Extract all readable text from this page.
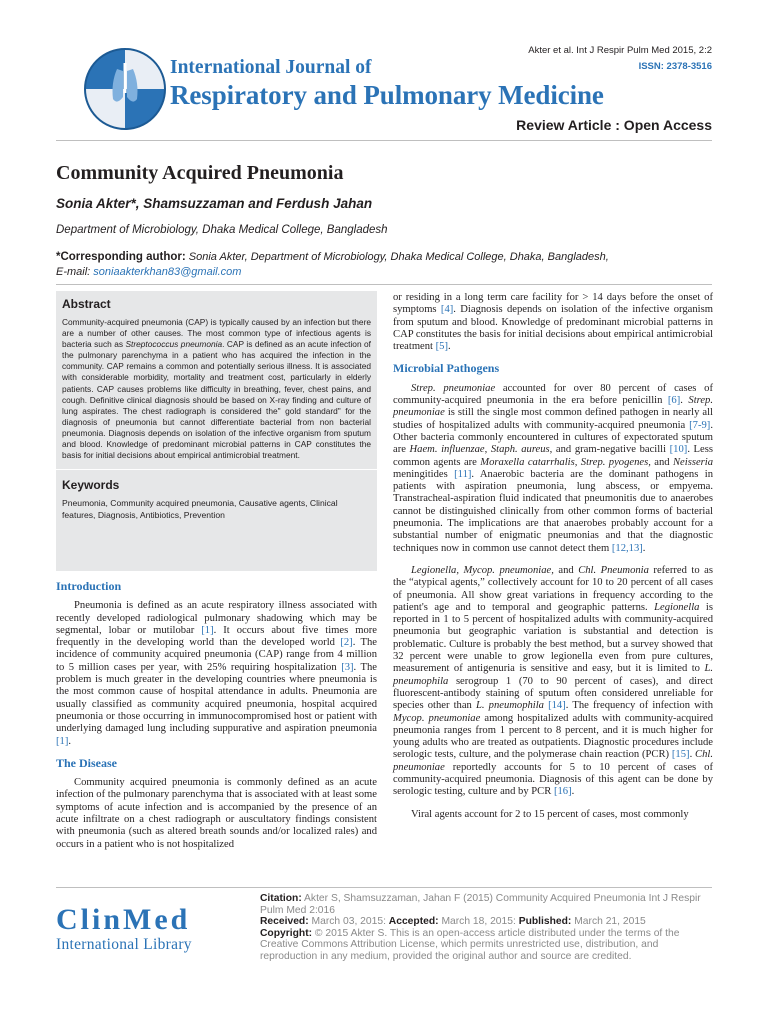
International Journal of
Respiratory and Pulmonary Medicine
Akter et al. Int J Respir Pulm Med 2015, 2:2
ISSN: 2378-3516
Review Article : Open Access
Community Acquired Pneumonia
Sonia Akter*, Shamsuzzaman and Ferdush Jahan
Department of Microbiology, Dhaka Medical College, Bangladesh
*Corresponding author: Sonia Akter, Department of Microbiology, Dhaka Medical College, Dhaka, Bangladesh,
E-mail: soniaakterkhan83@gmail.com
Abstract
Community-acquired pneumonia (CAP) is typically caused by an infection but there are a number of other causes. The most common type of infectious agents is bacteria such as Streptococcus pneumonia. CAP is defined as an acute infection of the pulmonary parenchyma in a patient who has acquired the infection in the community. CAP remains a common and potentially serious illness. It is associated with considerable morbidity, mortality and treatment cost, particularly in elderly patients. CAP causes problems like difficulty in breathing, fever, chest pains, and cough. Definitive clinical diagnosis should be based on X-ray finding and culture of lung aspirates. The chest radiograph is considered the" gold standard" for the diagnosis of pneumonia but cannot differentiate bacterial from non bacterial pneumonia. Diagnosis depends on isolation of the infective organism from sputum and blood. Knowledge of predominant microbial patterns in CAP constitutes the basis for initial decisions about empirical antimicrobial treatment.
Keywords
Pneumonia, Community acquired pneumonia, Causative agents, Clinical features, Diagnosis, Antibiotics, Prevention
Introduction

Pneumonia is defined as an acute respiratory illness associated with recently developed radiological pulmonary shadowing which may be segmental, lobar or mutilobar [1]. It occurs about five times more frequently in the developing world than the developed world [2]. The incidence of community acquired pneumonia (CAP) range from 4 million to 5 million cases per year, with 25% requiring hospitalization [3]. The problem is much greater in the developing countries where pneumonia is the most common cause of hospital attendance in adults. Pneumonia are usually classified as community acquired pneumonia, hospital acquired pneumonia or those occurring in immunocompromised host or patient with underlying damaged lung including suppurative and aspiration pneumonia [1].

The Disease

Community acquired pneumonia is commonly defined as an acute infection of the pulmonary parenchyma that is associated with at least some symptoms of acute infection and is accompanied by the presence of an acute infiltrate on a chest radiograph or auscultatory findings consistent with pneumonia (such as altered breath sounds and/or localized rales) and occurs in a patient who is not hospitalized

or residing in a long term care facility for > 14 days before the onset of symptoms [4]. Diagnosis depends on isolation of the infective organism from sputum and blood. Knowledge of predominant microbial patterns in CAP constitutes the basis for initial decisions about empirical antimicrobial treatment [5].

Microbial Pathogens

Strep. pneumoniae accounted for over 80 percent of cases of community-acquired pneumonia in the era before penicillin [6]. Strep. pneumoniae is still the single most common defined pathogen in nearly all studies of hospitalized adults with community-acquired pneumonia [7-9]. Other bacteria commonly encountered in cultures of expectorated sputum are Haem. influenzae, Staph. aureus, and gram-negative bacilli [10]. Less common agents are Moraxella catarrhalis, Strep. pyogenes, and Neisseria meningitides [11]. Anaerobic bacteria are the dominant pathogens in patients with aspiration pneumonia, lung abscess, or empyema. Transtracheal-aspiration fluid indicated that pneumonitis due to anaerobes cannot be distinguished clinically from other common forms of bacterial pneumonia. The implications are that anaerobes probably account for a substantial number of enigmatic pneumonias and that the diagnostic techniques now in common use cannot detect them [12,13].

Legionella, Mycop. pneumoniae, and Chl. Pneumonia referred to as the “atypical agents,” collectively account for 10 to 20 percent of all cases of pneumonia. All show great variations in frequency according to the patient's age and to temporal and geographic patterns. Legionella is reported in 1 to 5 percent of hospitalized adults with community-acquired pneumonia but geographic variation is substantial and detection is problematic. Culture is probably the best method, but a survey showed that 32 percent were unable to grow legionella even from pure cultures, measurement of antigenuria is sensitive and easy, but it is limited to L. pneumophila serogroup 1 (70 to 90 percent of cases), and direct fluorescent-antibody staining of sputum often considered unreliable for species other than L. pneumophila [14]. The frequency of infection with Mycop. pneumoniae among hospitalized adults with community-acquired pneumonia ranges from 1 percent to 8 percent, and it is much higher for young adults who are treated as outpatients. Diagnostic procedures include serologic tests, culture, and the polymerase chain reaction (PCR) [15]. Chl. pneumoniae reportedly accounts for 5 to 10 percent of cases of community-acquired pneumonia. Diagnosis of this agent can be done by serologic testing, culture and by PCR [16].

Viral agents account for 2 to 15 percent of cases, most commonly

ClinMed
International Library
Citation: Akter S, Shamsuzzaman, Jahan F (2015) Community Acquired Pneumonia Int J Respir Pulm Med 2:016
Received: March 03, 2015: Accepted: March 18, 2015: Published: March 21, 2015
Copyright: © 2015 Akter S. This is an open-access article distributed under the terms of the Creative Commons Attribution License, which permits unrestricted use, distribution, and reproduction in any medium, provided the original author and source are credited.
